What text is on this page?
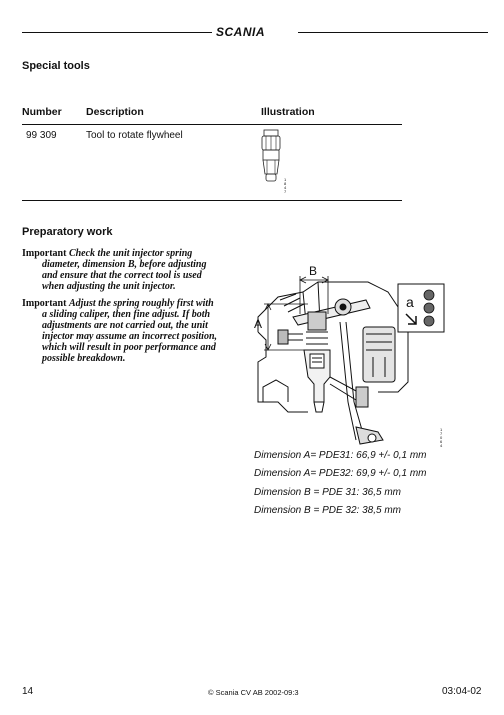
SCANIA
Special tools
Number Description	Illustration
99 309	Tool to rotate flywheel
1 8 4 7
Preparatory work
Important Check the unit injector spring
diameter, dimension B, before adjusting
and ensure that the correct tool is used
when adjusting the unit injector.
Important Adjust the spring roughly first with
a sliding caliper, then fine adjust. If both
adjustments are not carried out, the unit
injector may assume an incorrect position,
which will result in poor performance and
possible breakdown.
A
B
a
1 7 0 6 4
Dimension A= PDE31: 66,9 +/- 0,1 mm
Dimension A= PDE32: 69,9 +/- 0,1 mm
Dimension B = PDE 31: 36,5 mm
Dimension B = PDE 32: 38,5 mm
14	© Scania CV AB 2002-09:3	03:04-02
